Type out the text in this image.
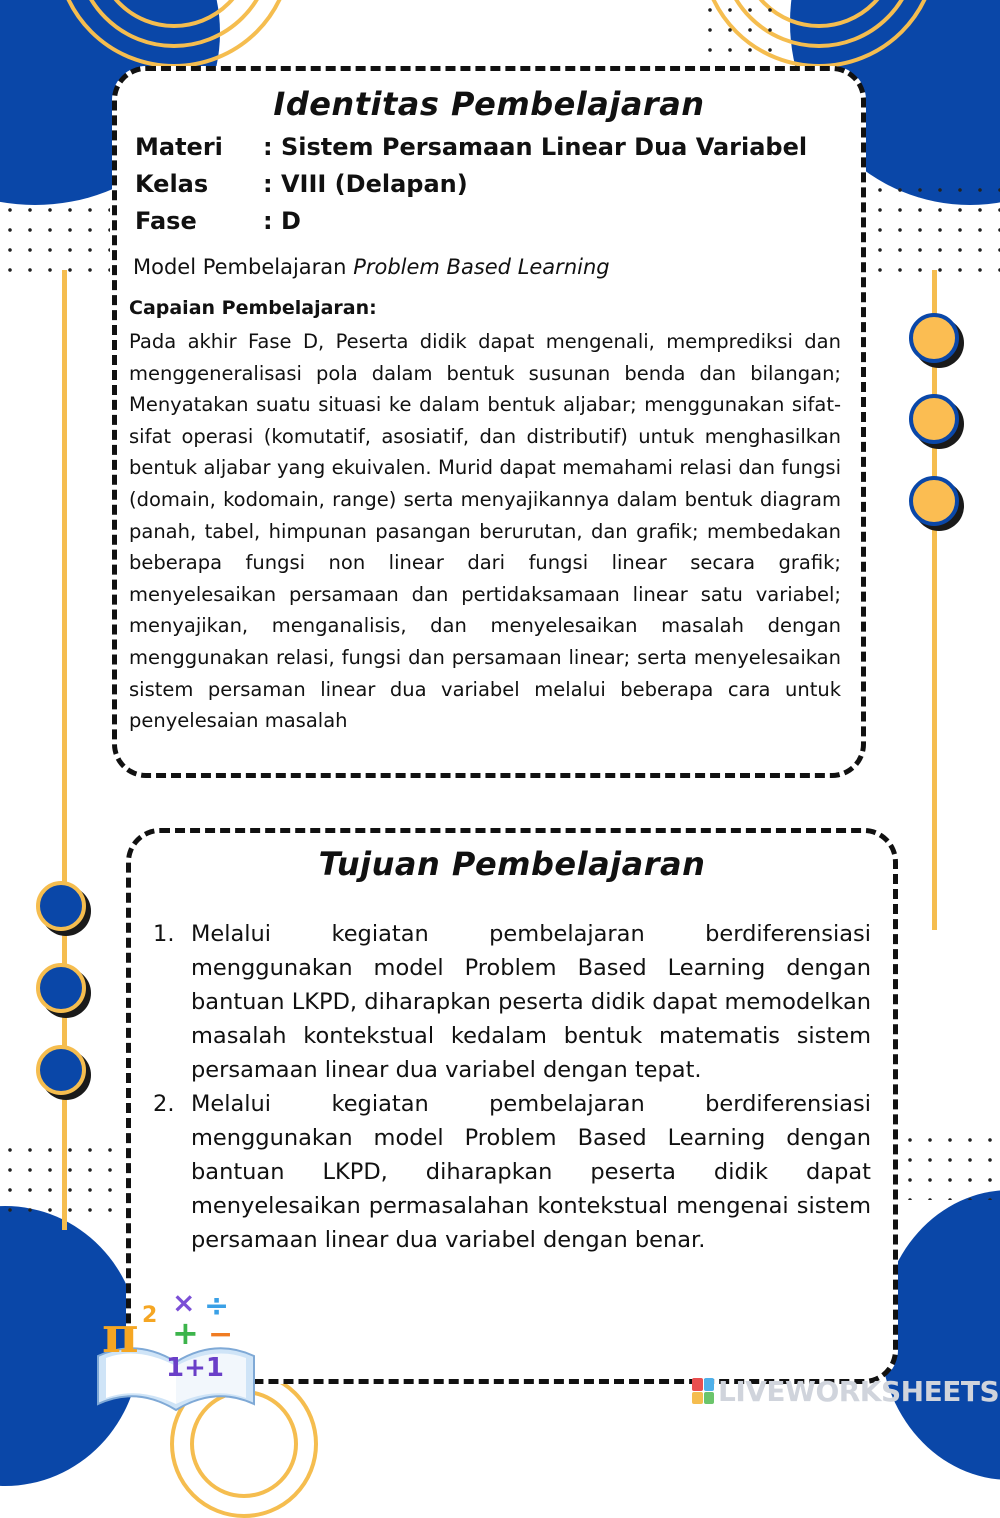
Identitas Pembelajaran
Materi : Sistem Persamaan Linear Dua Variabel
Kelas : VIII (Delapan)
Fase	: D
Model Pembelajaran Problem Based Learning
Capaian Pembelajaran:
Pada akhir Fase D, Peserta didik dapat mengenali, memprediksi dan menggeneralisasi pola dalam bentuk susunan benda dan bilangan; Menyatakan suatu situasi ke dalam bentuk aljabar; menggunakan sifat-sifat operasi (komutatif, asosiatif, dan distributif) untuk menghasilkan bentuk aljabar yang ekuivalen. Murid dapat memahami relasi dan fungsi (domain, kodomain, range) serta menyajikannya dalam bentuk diagram panah, tabel, himpunan pasangan berurutan, dan grafik; membedakan beberapa fungsi non linear dari fungsi linear secara grafik; menyelesaikan persamaan dan pertidaksamaan linear satu variabel; menyajikan, menganalisis, dan menyelesaikan masalah dengan menggunakan relasi, fungsi dan persamaan linear; serta menyelesaikan sistem persaman linear dua variabel melalui beberapa cara untuk penyelesaian masalah
Tujuan Pembelajaran
1. Melalui kegiatan pembelajaran berdiferensiasi menggunakan model Problem Based Learning dengan bantuan LKPD, diharapkan peserta didik dapat memodelkan masalah kontekstual kedalam bentuk matematis sistem persamaan linear dua variabel dengan tepat.
2. Melalui kegiatan pembelajaran berdiferensiasi menggunakan model Problem Based Learning dengan bantuan LKPD, diharapkan peserta didik dapat menyelesaikan permasalahan kontekstual mengenai sistem persamaan linear dua variabel dengan benar.
π 2 × ÷
+ −
1+1
LIVEWORKSHEETS
